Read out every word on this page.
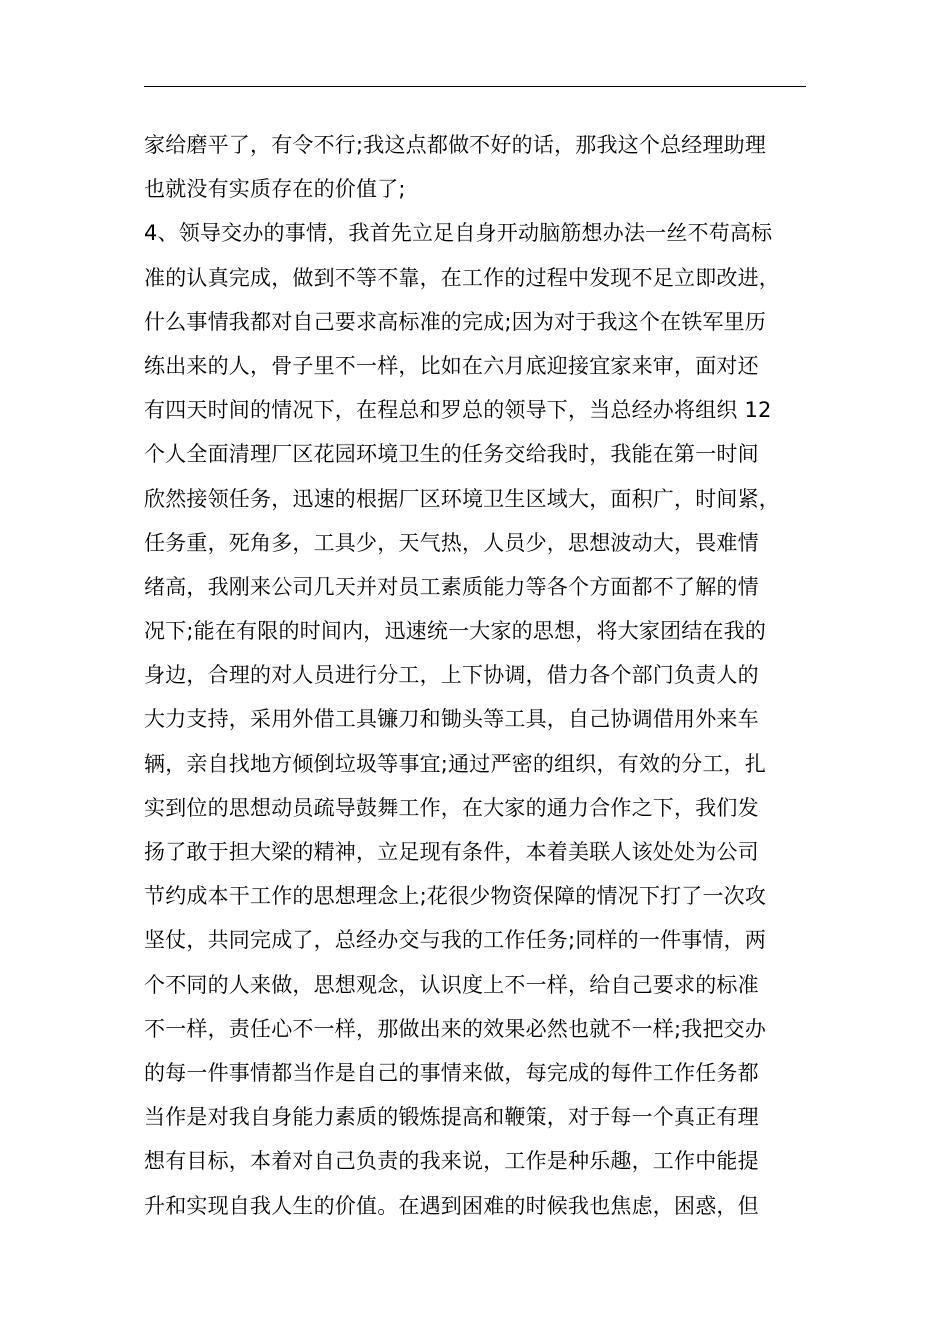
家给磨平了，有令不行;我这点都做不好的话，那我这个总经理助理
也就没有实质存在的价值了;
4、领导交办的事情，我首先立足自身开动脑筋想办法一丝不苟高标
准的认真完成，做到不等不靠，在工作的过程中发现不足立即改进，
什么事情我都对自己要求高标准的完成;因为对于我这个在铁军里历
练出来的人，骨子里不一样，比如在六月底迎接宜家来审，面对还
有四天时间的情况下，在程总和罗总的领导下，当总经办将组织 12
个人全面清理厂区花园环境卫生的任务交给我时，我能在第一时间
欣然接领任务，迅速的根据厂区环境卫生区域大，面积广，时间紧，
任务重，死角多，工具少，天气热，人员少，思想波动大，畏难情
绪高，我刚来公司几天并对员工素质能力等各个方面都不了解的情
况下;能在有限的时间内，迅速统一大家的思想，将大家团结在我的
身边，合理的对人员进行分工，上下协调，借力各个部门负责人的
大力支持，采用外借工具镰刀和锄头等工具，自己协调借用外来车
辆，亲自找地方倾倒垃圾等事宜;通过严密的组织，有效的分工，扎
实到位的思想动员疏导鼓舞工作，在大家的通力合作之下，我们发
扬了敢于担大梁的精神，立足现有条件，本着美联人该处处为公司
节约成本干工作的思想理念上;花很少物资保障的情况下打了一次攻
坚仗，共同完成了，总经办交与我的工作任务;同样的一件事情，两
个不同的人来做，思想观念，认识度上不一样，给自己要求的标准
不一样，责任心不一样，那做出来的效果必然也就不一样;我把交办
的每一件事情都当作是自己的事情来做，每完成的每件工作任务都
当作是对我自身能力素质的锻炼提高和鞭策，对于每一个真正有理
想有目标，本着对自己负责的我来说，工作是种乐趣，工作中能提
升和实现自我人生的价值。在遇到困难的时候我也焦虑，困惑，但
